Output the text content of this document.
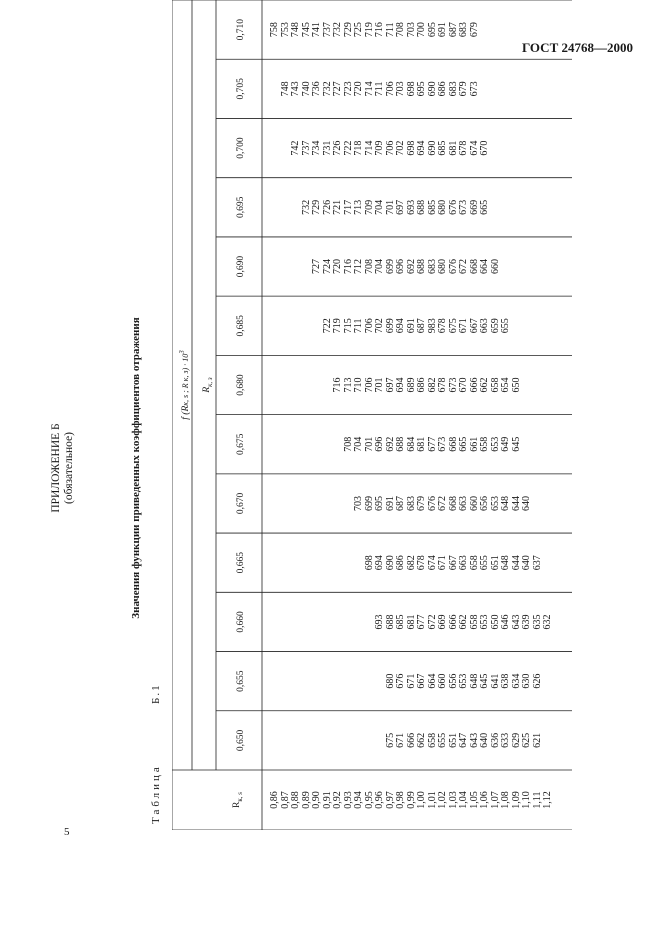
ГОСТ 24768—2000
5
ПРИЛОЖЕНИЕ Б (обязательное)	Значения функции приведенных коэффициентов отражения
Таблица
Б.1
$R_{к, s}$
f (Rк, s ; R к, $з) \cdot 10^3$
$R_{к, з}$
0,650
0,655
0,660
0,665
0,670
0,675
0,680
0,685
0,690
0,695
0,700
0,705
0,710
0,86 0,87 0,88 0,89 0,90 0,91 0,92 0,93 0,94 0,95 0,96 0,97 0,98 0,99 1,00 1,01 1,02 1,03 1,04 1,05 1,06 1,07 1,08 1,09 1,10 1,11 1,12
758
748
753
742
743
748
732
737
740
745
727
729
734
736
741
722
724
726
731
732
737
716
719
720
721
726
727
732
708
713
715
716
717
722
723
729
703
704
710
711
712
713
718
720
725
698
699
701
706
706
708
709
714
714
719
693
694
695
696
701
702
704
704
709
711
716
675
680
688
690
691
692
697
699
699
701
706
706
711
671
676
685
686
687
688
694
694
696
697
702
703
708
666
671
681
682
683
684
689
691
692
693
698
698
703
662
667
677
678
679
681
686
687
688
688
694
695
700
658
664
672
674
676
677
682
983
683
685
690
690
695
655
660
669
671
672
673
678
678
680
680
685
686
691
651
656
666
667
668
668
673
675
676
676
681
683
687
647
653
662
663
663
665
670
671
672
673
678
679
683
643
648
658
658
660
661
666
667
668
669
674
673
679
640
645
653
655
656
658
662
663
664
665
670
636
641
650
651
653
653
658
659
660
633
638
646
648
648
649
654
655
629
634
643
644
644
645
650
625
630
639
640
640
621
626
635
637
632
